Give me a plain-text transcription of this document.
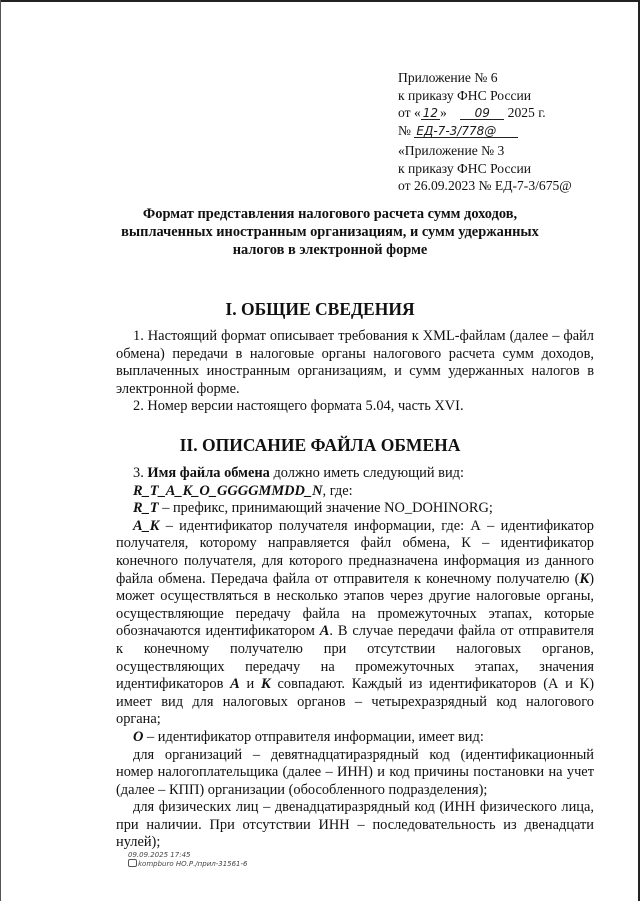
Приложение № 6
к приказу ФНС России
от « 12 » 09 2025 г.
№ ЕД-7-3/778@
«Приложение № 3
к приказу ФНС России
от 26.09.2023 № ЕД-7-3/675@
Формат представления налогового расчета сумм доходов, выплаченных иностранным организациям, и сумм удержанных налогов в электронной форме
I. ОБЩИЕ СВЕДЕНИЯ

1. Настоящий формат описывает требования к XML-файлам (далее – файл обмена) передачи в налоговые органы налогового расчета сумм доходов, выплаченных иностранным организациям, и сумм удержанных налогов в электронной форме.

2. Номер версии настоящего формата 5.04, часть XVI.

II. ОПИСАНИЕ ФАЙЛА ОБМЕНА

3. Имя файла обмена должно иметь следующий вид:

R_T_A_K_O_GGGGMMDD_N, где:

R_T – префикс, принимающий значение NO_DOHINORG;

A_K – идентификатор получателя информации, где: А – идентификатор получателя, которому направляется файл обмена, К – идентификатор конечного получателя, для которого предназначена информация из данного файла обмена. Передача файла от отправителя к конечному получателю (К) может осуществляться в несколько этапов через другие налоговые органы, осуществляющие передачу файла на промежуточных этапах, которые обозначаются идентификатором А. В случае передачи файла от отправителя к конечному получателю при отсутствии налоговых органов, осуществляющих передачу на промежуточных этапах, значения идентификаторов А и К совпадают. Каждый из идентификаторов (А и К) имеет вид для налоговых органов – четырехразрядный код налогового органа;

O – идентификатор отправителя информации, имеет вид:

для организаций – девятнадцатиразрядный код (идентификационный номер налогоплательщика (далее – ИНН) и код причины постановки на учет (далее – КПП) организации (обособленного подразделения);

для физических лиц – двенадцатиразрядный код (ИНН физического лица, при наличии. При отсутствии ИНН – последовательность из двенадцати нулей);

09.09.2025 17:45
kompburo НО.Р./прил-31561-6
